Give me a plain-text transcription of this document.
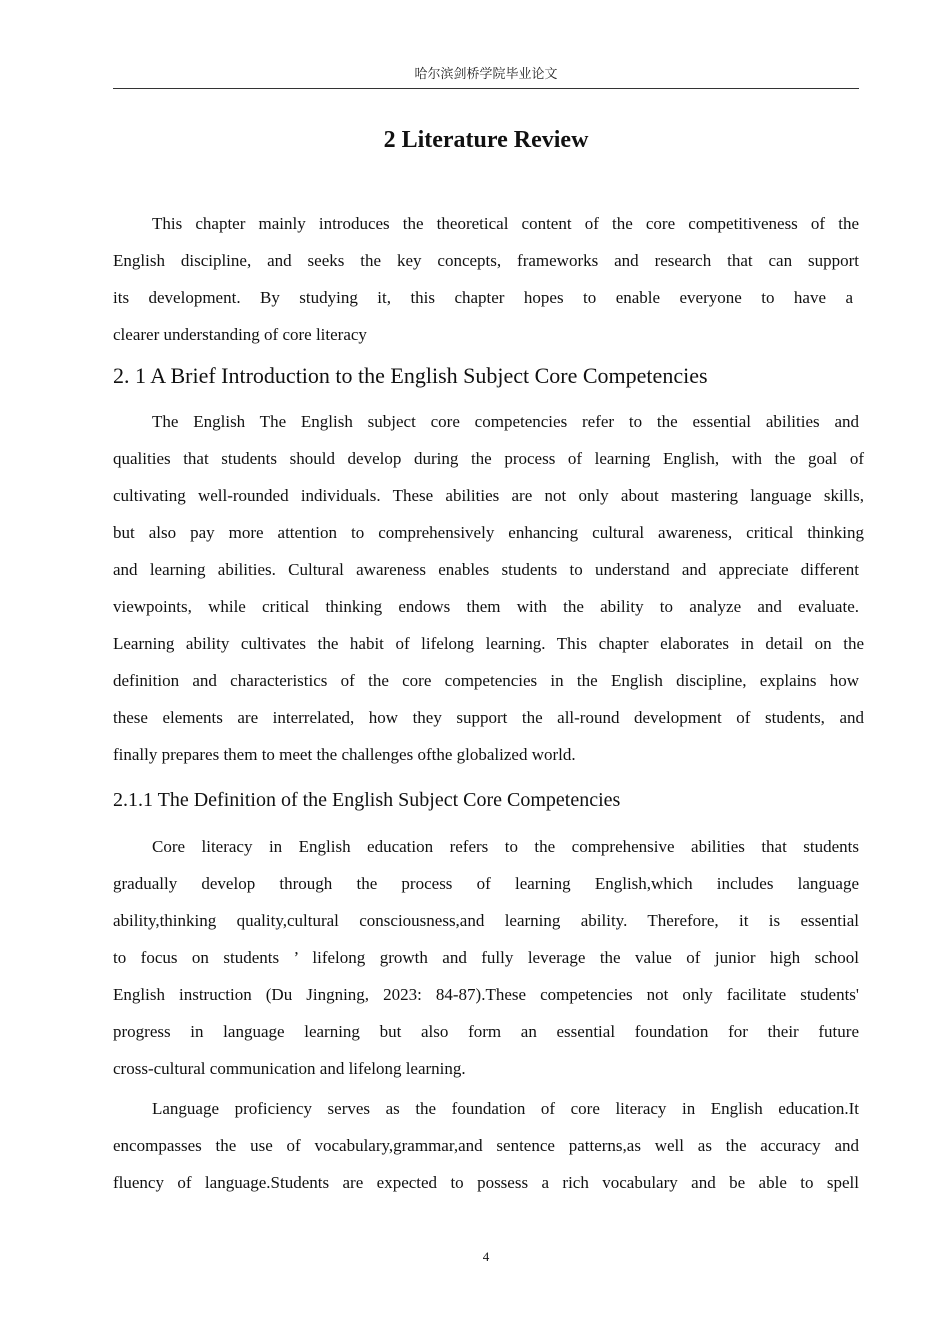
哈尔滨剑桥学院毕业论文
2 Literature Review
This chapter mainly introduces the theoretical content of the core competitiveness of the
English discipline, and seeks the key concepts, frameworks and research that can support
its development. By studying it, this chapter hopes to enable everyone to have a
clearer understanding of core literacy
2. 1 A Brief Introduction to the English Subject Core Competencies
The English The English subject core competencies refer to the essential abilities and
qualities that students should develop during the process of learning English, with the goal of
cultivating well-rounded individuals. These abilities are not only about mastering language skills,
but also pay more attention to comprehensively enhancing cultural awareness, critical thinking
and learning abilities. Cultural awareness enables students to understand and appreciate different
viewpoints, while critical thinking endows them with the ability to analyze and evaluate.
Learning ability cultivates the habit of lifelong learning. This chapter elaborates in detail on the
definition and characteristics of the core competencies in the English discipline, explains how
these elements are interrelated, how they support the all-round development of students, and
finally prepares them to meet the challenges ofthe globalized world.
2.1.1 The Definition of the English Subject Core Competencies
Core literacy in English education refers to the comprehensive abilities that students
gradually develop through the process of learning English,which includes language
ability,thinking quality,cultural consciousness,and learning ability. Therefore, it is essential
to focus on students ’ lifelong growth and fully leverage the value of junior high school
English instruction (Du Jingning, 2023: 84-87).These competencies not only facilitate students'
progress in language learning but also form an essential foundation for their future
cross-cultural communication and lifelong learning.
Language proficiency serves as the foundation of core literacy in English education.It
encompasses the use of vocabulary,grammar,and sentence patterns,as well as the accuracy and
fluency of language.Students are expected to possess a rich vocabulary and be able to spell
4
